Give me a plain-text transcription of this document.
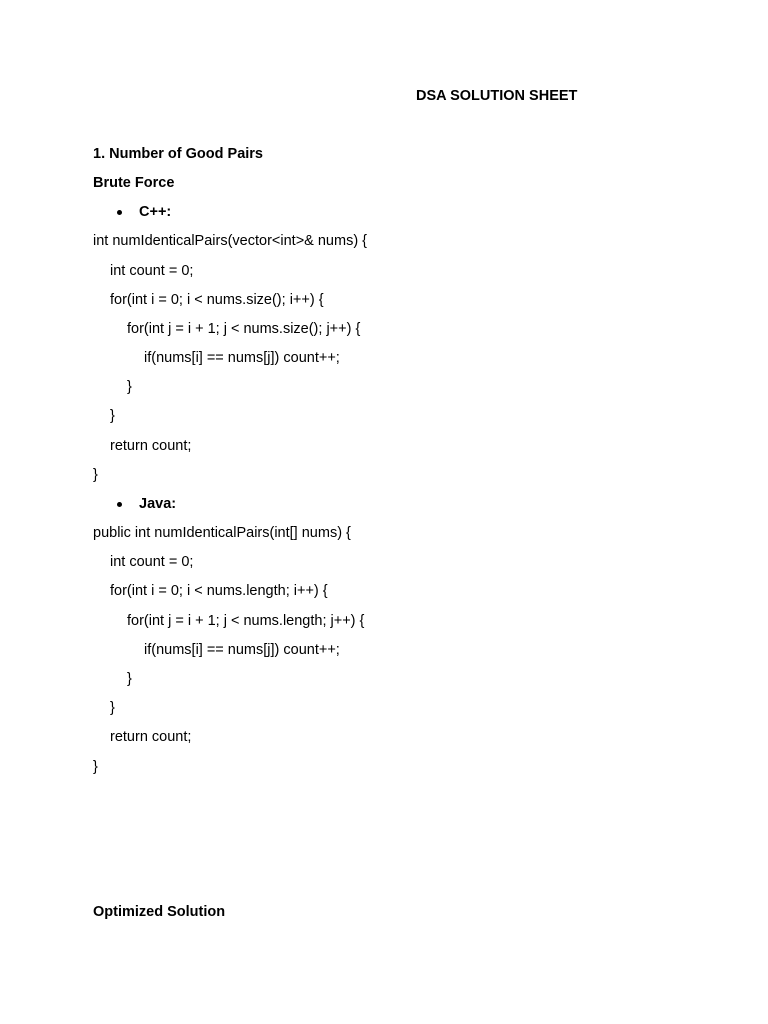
DSA SOLUTION SHEET

1. Number of Good Pairs

Brute Force

C++:

int numIdenticalPairs(vector<int>& nums) {

int count = 0;

for(int i = 0; i < nums.size(); i++) {

for(int j = i + 1; j < nums.size(); j++) {

if(nums[i] == nums[j]) count++;

}

}

return count;

}

Java:

public int numIdenticalPairs(int[] nums) {

int count = 0;

for(int i = 0; i < nums.length; i++) {

for(int j = i + 1; j < nums.length; j++) {

if(nums[i] == nums[j]) count++;

}

}

return count;

}

Optimized Solution
